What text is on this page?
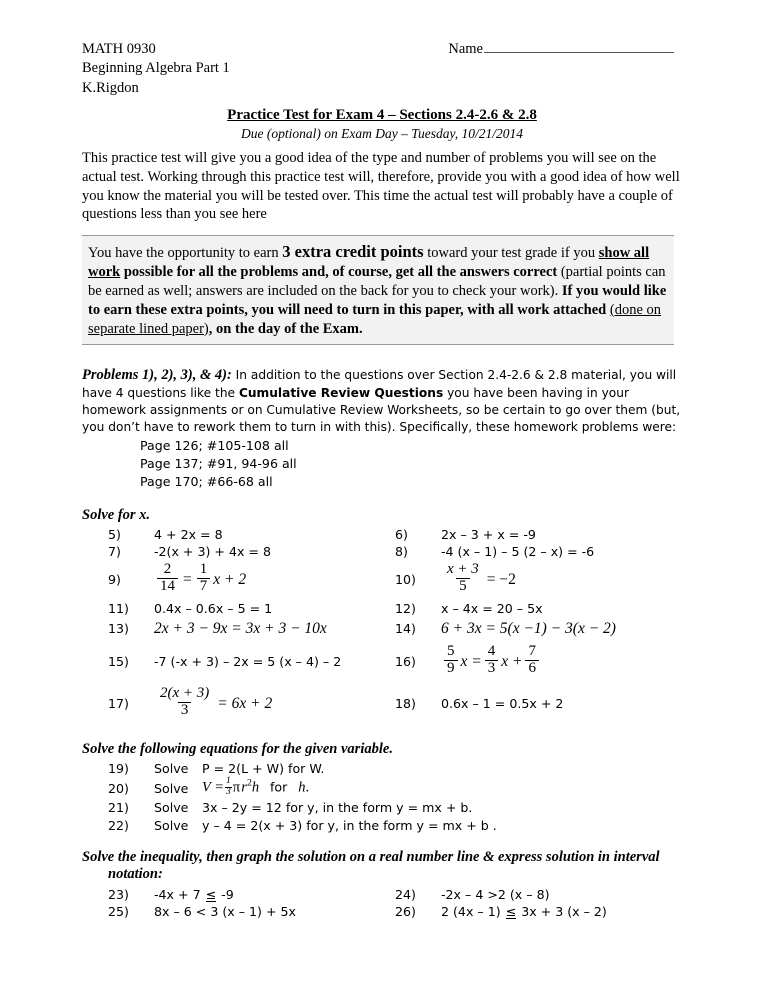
MATH 0930
Beginning Algebra Part 1
K.Rigdon
Name
Practice Test for Exam 4 – Sections 2.4-2.6 & 2.8
Due (optional) on Exam Day – Tuesday, 10/21/2014
This practice test will give you a good idea of the type and number of problems you will see on the actual test. Working through this practice test will, therefore, provide you with a good idea of how well you know the material you will be tested over. This time the actual test will probably have a couple of questions less than you see here
You have the opportunity to earn 3 extra credit points toward your test grade if you show all work possible for all the problems and, of course, get all the answers correct (partial points can be earned as well; answers are included on the back for you to check your work). If you would like to earn these extra points, you will need to turn in this paper, with all work attached (done on separate lined paper), on the day of the Exam.
Problems 1), 2), 3), & 4): In addition to the questions over Section 2.4-2.6 & 2.8 material, you will have 4 questions like the Cumulative Review Questions you have been having in your homework assignments or on Cumulative Review Worksheets, so be certain to go over them (but, you don’t have to rework them to turn in with this). Specifically, these homework problems were:
Page 126; #105-108 all
Page 137; #91, 94-96 all
Page 170; #66-68 all
Solve for x.
5)	4 + 2x = 8	6)	2x – 3 + x = -9
7)	-2(x + 3) + 4x = 8	8)	-4 (x – 1) – 5 (2 – x) = -6
9)	$\frac{2}{14} = \frac{1}{7}$ x + 2	10)	$\frac{x + 3}{5} = -2$
11)	0.4x – 0.6x – 5 = 1	12)	x – 4x = 20 – 5x
13)	2x + 3 − 9x = 3x + 3 − 10x	14)	6 + 3x = 5(x −1) − 3(x − 2)
15)	-7 (-x + 3) – 2x = 5 (x – 4) – 2	16)	$\frac{5}{9}$ $x = \frac{4}{3}$ $x + \frac{7}{6}$
17)	$\frac{2(x + 3)}{3} = 6x + 2$	18)	0.6x – 1 = 0.5x + 2
Solve the following equations for the given variable.
19)	Solve	P = 2(L + W) for W.
20)	Solve $V = \frac{1}{3}$ π $r^2h$   for   h.
21)	Solve	3x – 2y = 12 for y, in the form y = mx + b.
22)	Solve	y – 4 = 2(x + 3) for y, in the form y = mx + b .
Solve the inequality, then graph the solution on a real number line & express solution in interval
notation:
23)	-4x + 7 ≤ -9	24)	-2x – 4 >2 (x – 8)
25)	8x – 6 < 3 (x – 1) + 5x	26)	2 (4x – 1) ≤ 3x + 3 (x – 2)
